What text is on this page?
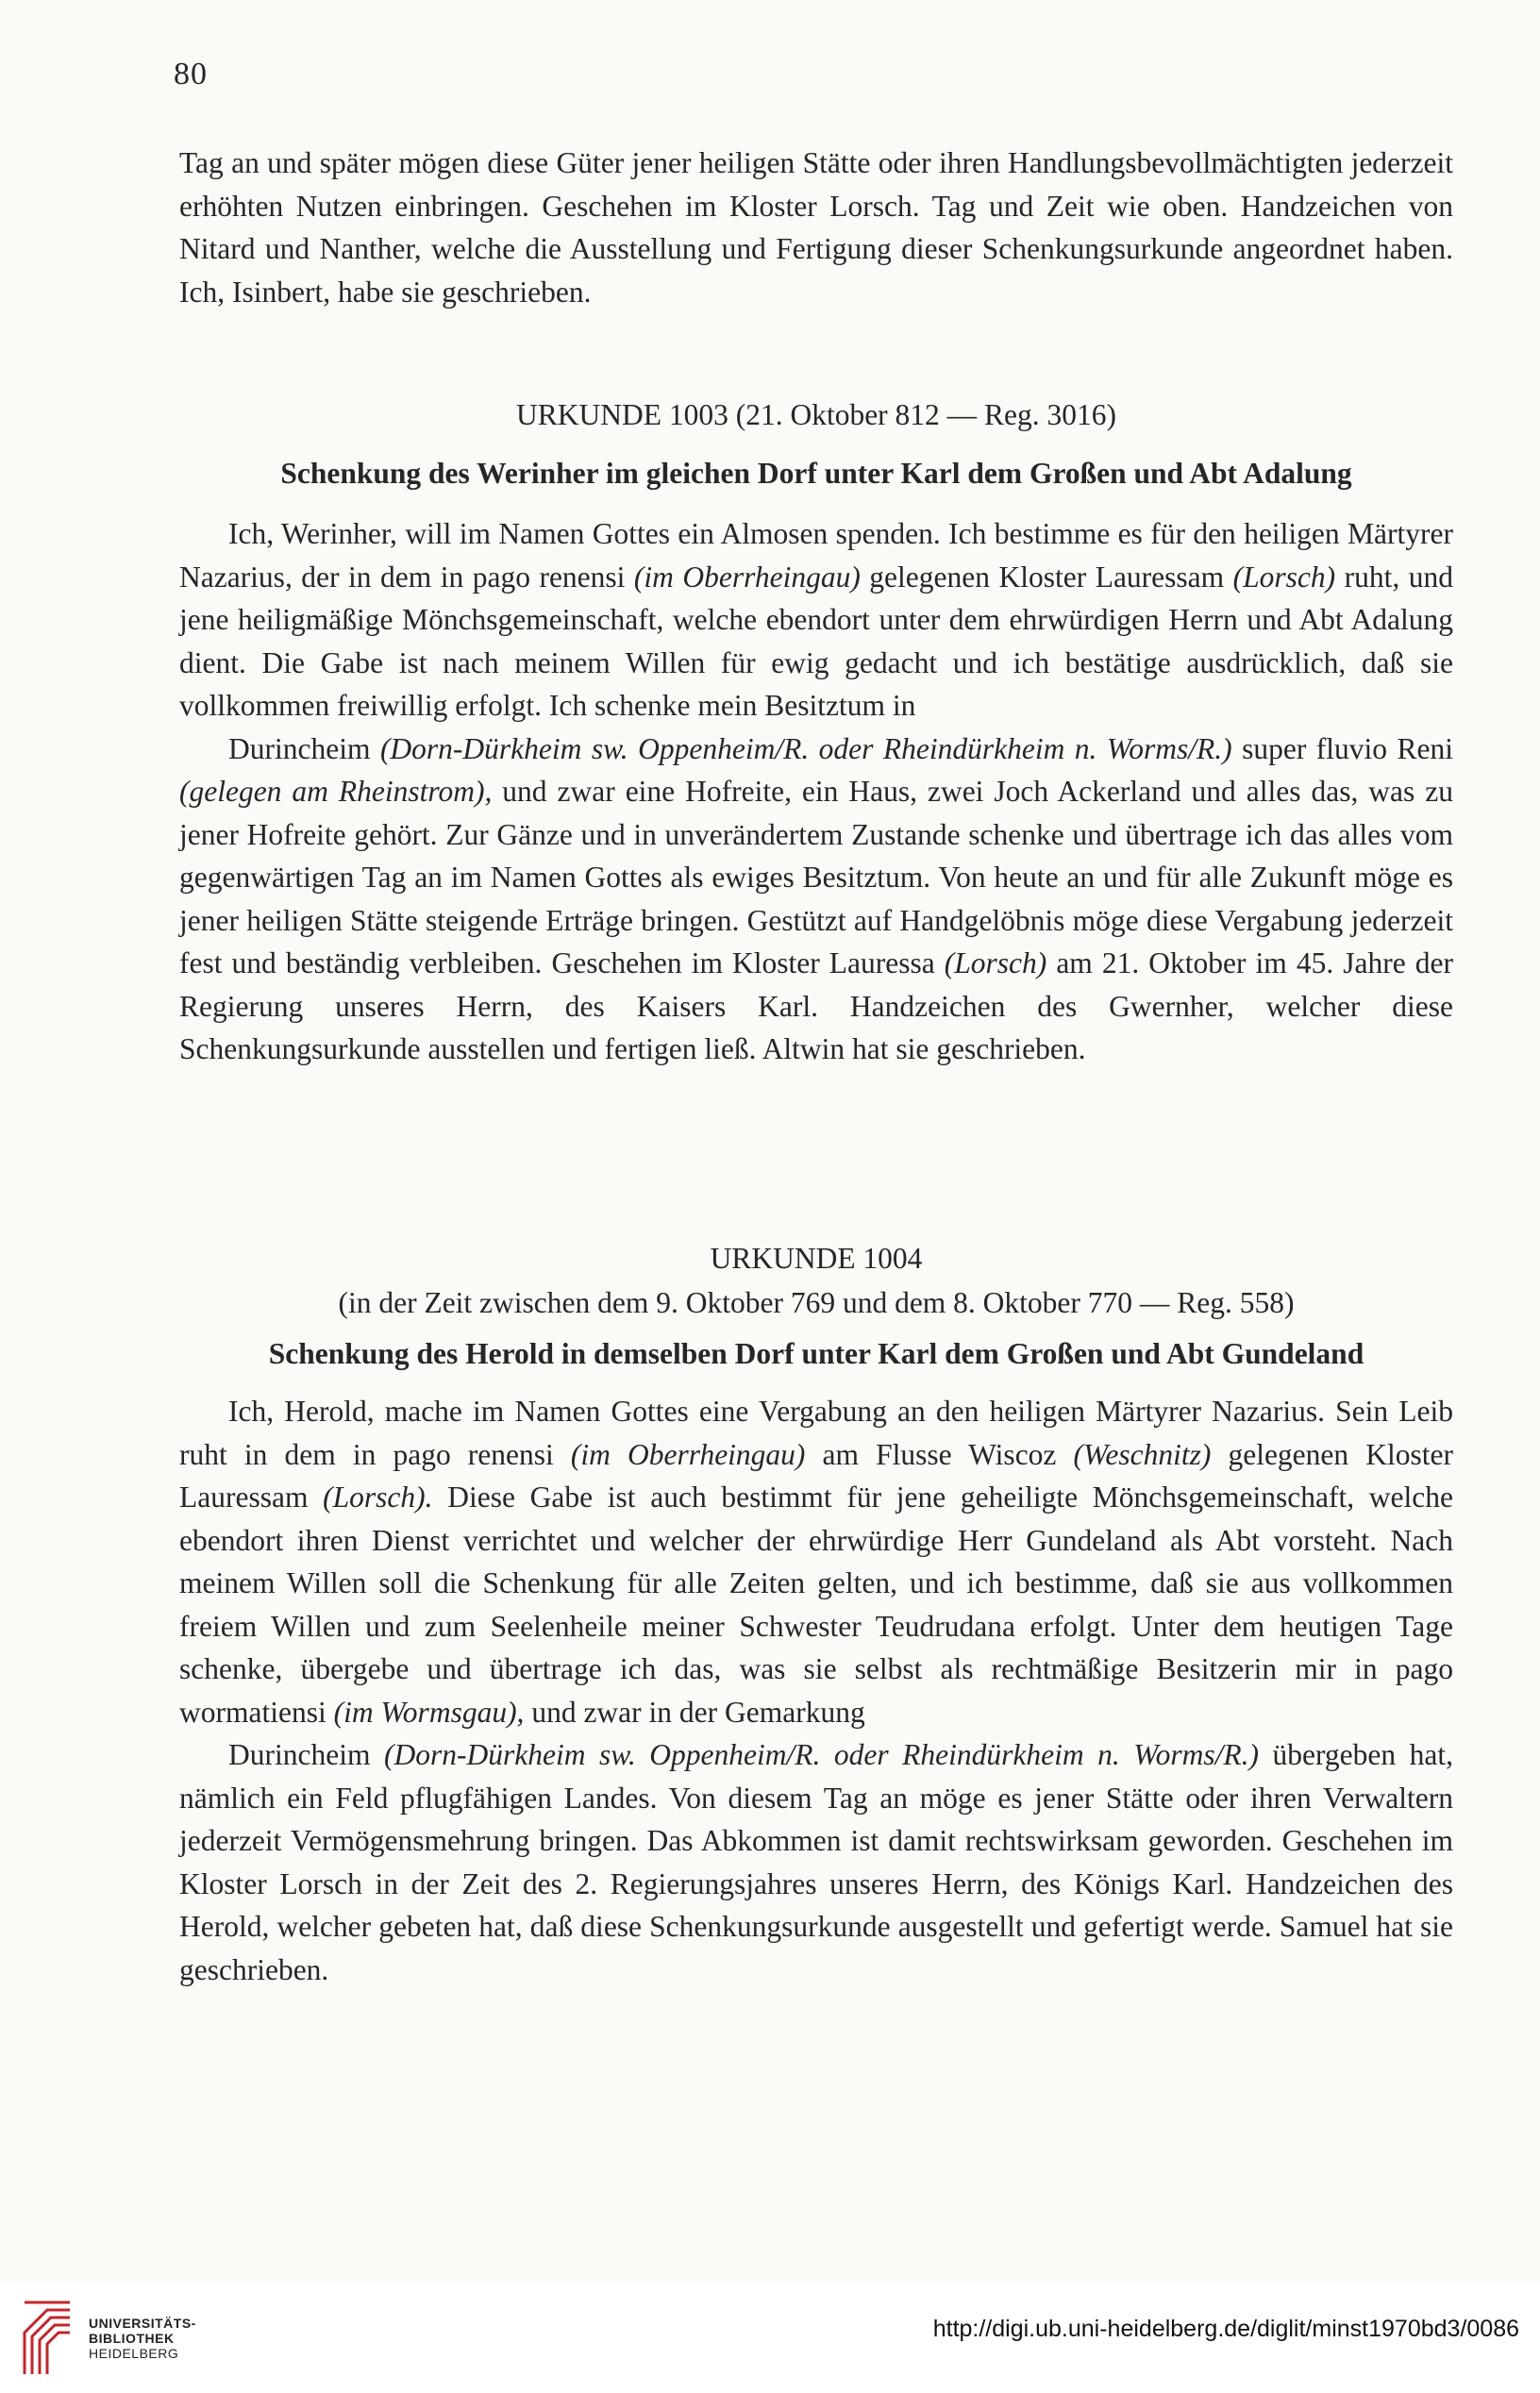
80

Tag an und später mögen diese Güter jener heiligen Stätte oder ihren Handlungsbevollmächtigten jederzeit erhöhten Nutzen einbringen. Geschehen im Kloster Lorsch. Tag und Zeit wie oben. Handzeichen von Nitard und Nanther, welche die Ausstellung und Fertigung dieser Schenkungsurkunde angeordnet haben. Ich, Isinbert, habe sie geschrieben.

URKUNDE 1003 (21. Oktober 812 — Reg. 3016)
Schenkung des Werinher im gleichen Dorf unter Karl dem Großen und Abt Adalung

Ich, Werinher, will im Namen Gottes ein Almosen spenden. Ich bestimme es für den heiligen Märtyrer Nazarius, der in dem in pago renensi (im Oberrheingau) gelegenen Kloster Lauressam (Lorsch) ruht, und jene heiligmäßige Mönchsgemeinschaft, welche ebendort unter dem ehrwürdigen Herrn und Abt Adalung dient. Die Gabe ist nach meinem Willen für ewig gedacht und ich bestätige ausdrücklich, daß sie vollkommen freiwillig erfolgt. Ich schenke mein Besitztum in

Durincheim (Dorn-Dürkheim sw. Oppenheim/R. oder Rheindürkheim n. Worms/R.) super fluvio Reni (gelegen am Rheinstrom), und zwar eine Hofreite, ein Haus, zwei Joch Ackerland und alles das, was zu jener Hofreite gehört. Zur Gänze und in unverändertem Zustande schenke und übertrage ich das alles vom gegenwärtigen Tag an im Namen Gottes als ewiges Besitztum. Von heute an und für alle Zukunft möge es jener heiligen Stätte steigende Erträge bringen. Gestützt auf Handgelöbnis möge diese Vergabung jederzeit fest und beständig verbleiben. Geschehen im Kloster Lauressa (Lorsch) am 21. Oktober im 45. Jahre der Regierung unseres Herrn, des Kaisers Karl. Handzeichen des Gwernher, welcher diese Schenkungsurkunde ausstellen und fertigen ließ. Altwin hat sie geschrieben.

URKUNDE 1004
(in der Zeit zwischen dem 9. Oktober 769 und dem 8. Oktober 770 — Reg. 558)
Schenkung des Herold in demselben Dorf unter Karl dem Großen und Abt Gundeland

Ich, Herold, mache im Namen Gottes eine Vergabung an den heiligen Märtyrer Nazarius. Sein Leib ruht in dem in pago renensi (im Oberrheingau) am Flusse Wiscoz (Weschnitz) gelegenen Kloster Lauressam (Lorsch). Diese Gabe ist auch bestimmt für jene geheiligte Mönchsgemeinschaft, welche ebendort ihren Dienst verrichtet und welcher der ehrwürdige Herr Gundeland als Abt vorsteht. Nach meinem Willen soll die Schenkung für alle Zeiten gelten, und ich bestimme, daß sie aus vollkommen freiem Willen und zum Seelenheile meiner Schwester Teudrudana erfolgt. Unter dem heutigen Tage schenke, übergebe und übertrage ich das, was sie selbst als rechtmäßige Besitzerin mir in pago wormatiensi (im Wormsgau), und zwar in der Gemarkung

Durincheim (Dorn-Dürkheim sw. Oppenheim/R. oder Rheindürkheim n. Worms/R.) übergeben hat, nämlich ein Feld pflugfähigen Landes. Von diesem Tag an möge es jener Stätte oder ihren Verwaltern jederzeit Vermögensmehrung bringen. Das Abkommen ist damit rechtswirksam geworden. Geschehen im Kloster Lorsch in der Zeit des 2. Regierungsjahres unseres Herrn, des Königs Karl. Handzeichen des Herold, welcher gebeten hat, daß diese Schenkungsurkunde ausgestellt und gefertigt werde. Samuel hat sie geschrieben.

UNIVERSITÄTS-
BIBLIOTHEK
HEIDELBERG
http://digi.ub.uni-heidelberg.de/diglit/minst1970bd3/0086
